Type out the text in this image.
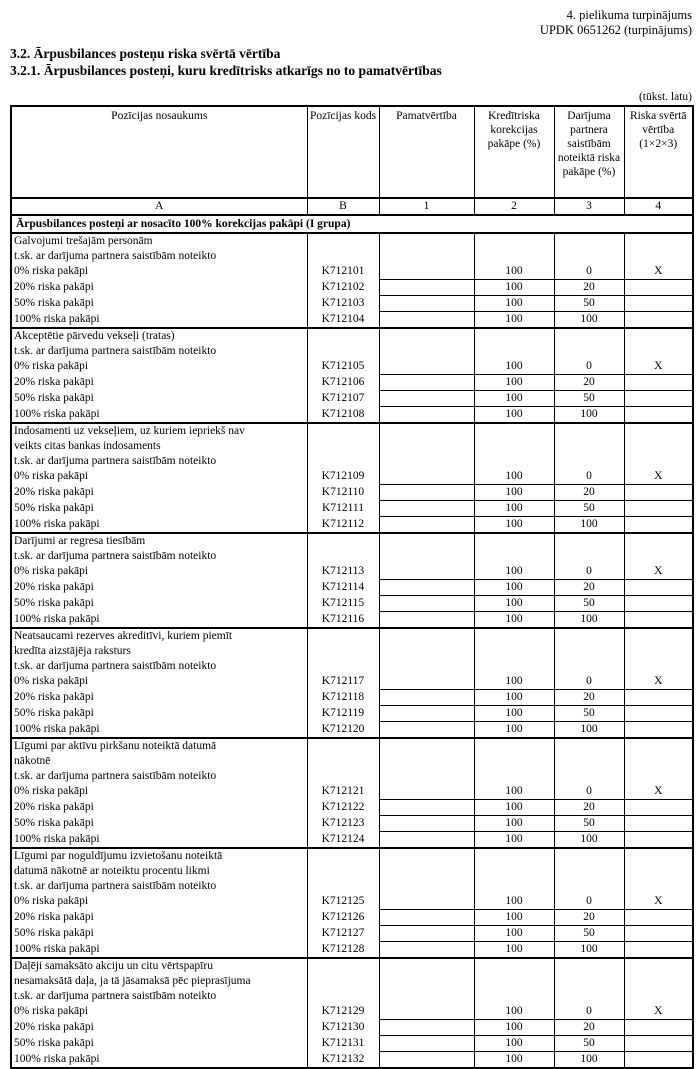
4. pielikuma turpinājums
UPDK 0651262 (turpinājums)
3.2. Ārpusbilances posteņu riska svērtā vērtība
3.2.1. Ārpusbilances posteņi, kuru kredītrisks atkarīgs no to pamatvērtības
(tūkst. latu)
Pozīcijas nosaukums	Pozīcijas kods	Pamatvērtība	Kredītriska korekcijas pakāpe (%)	Darījuma partnera saistībām noteiktā riska pakāpe (%)	Riska svērtā vērtība (1×2×3)
A	B	1	2	3	4
Ārpusbilances posteņi ar nosacīto 100% korekcijas pakāpi (I grupa)					
Galvojumi trešajām personām					
t.sk. ar darījuma partnera saistībām noteikto					
0% riska pakāpi	K712101		100	0	X
20% riska pakāpi	K712102		100	20	
50% riska pakāpi	K712103		100	50	
100% riska pakāpi	K712104		100	100	
Akceptētie pārvedu vekseļi (tratas)					
t.sk. ar darījuma partnera saistībām noteikto					
0% riska pakāpi	K712105		100	0	X
20% riska pakāpi	K712106		100	20	
50% riska pakāpi	K712107		100	50	
100% riska pakāpi	K712108		100	100	
Indosamenti uz vekseļiem, uz kuriem iepriekš nav					
veikts citas bankas indosaments					
t.sk. ar darījuma partnera saistībām noteikto					
0% riska pakāpi	K712109		100	0	X
20% riska pakāpi	K712110		100	20	
50% riska pakāpi	K712111		100	50	
100% riska pakāpi	K712112		100	100	
Darījumi ar regresa tiesībām					
t.sk. ar darījuma partnera saistībām noteikto					
0% riska pakāpi	K712113		100	0	X
20% riska pakāpi	K712114		100	20	
50% riska pakāpi	K712115		100	50	
100% riska pakāpi	K712116		100	100	
Neatsaucami rezerves akreditīvi, kuriem piemīt					
kredīta aizstājēja raksturs					
t.sk. ar darījuma partnera saistībām noteikto					
0% riska pakāpi	K712117		100	0	X
20% riska pakāpi	K712118		100	20	
50% riska pakāpi	K712119		100	50	
100% riska pakāpi	K712120		100	100	
Līgumi par aktīvu pirkšanu noteiktā datumā					
nākotnē					
t.sk. ar darījuma partnera saistībām noteikto					
0% riska pakāpi	K712121		100	0	X
20% riska pakāpi	K712122		100	20	
50% riska pakāpi	K712123		100	50	
100% riska pakāpi	K712124		100	100	
Līgumi par noguldījumu izvietošanu noteiktā					
datumā nākotnē ar noteiktu procentu likmi					
t.sk. ar darījuma partnera saistībām noteikto					
0% riska pakāpi	K712125		100	0	X
20% riska pakāpi	K712126		100	20	
50% riska pakāpi	K712127		100	50	
100% riska pakāpi	K712128		100	100	
Daļēji samaksāto akciju un citu vērtspapīru					
nesamaksātā daļa, ja tā jāsamaksā pēc pieprasījuma					
t.sk. ar darījuma partnera saistībām noteikto					
0% riska pakāpi	K712129		100	0	X
20% riska pakāpi	K712130		100	20	
50% riska pakāpi	K712131		100	50	
100% riska pakāpi	K712132		100	100	
